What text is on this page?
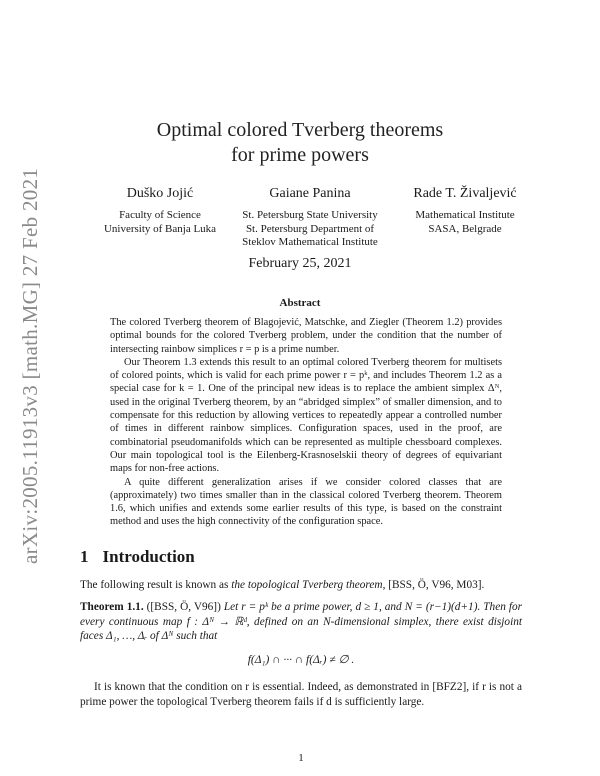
arXiv:2005.11913v3 [math.MG] 27 Feb 2021
Optimal colored Tverberg theorems
for prime powers
Duško Jojić
Faculty of Science
University of Banja Luka
Gaiane Panina
St. Petersburg State University
St. Petersburg Department of
Steklov Mathematical Institute
Rade T. Živaljević
Mathematical Institute
SASA, Belgrade
February 25, 2021
Abstract

The colored Tverberg theorem of Blagojević, Matschke, and Ziegler (Theorem 1.2) provides optimal bounds for the colored Tverberg problem, under the condition that the number of intersecting rainbow simplices r = p is a prime number.

Our Theorem 1.3 extends this result to an optimal colored Tverberg theorem for multisets of colored points, which is valid for each prime power r = pᵏ, and includes Theorem 1.2 as a special case for k = 1. One of the principal new ideas is to replace the ambient simplex Δᴺ, used in the original Tverberg theorem, by an “abridged simplex” of smaller dimension, and to compensate for this reduction by allowing vertices to repeatedly appear a controlled number of times in different rainbow simplices. Configuration spaces, used in the proof, are combinatorial pseudomanifolds which can be represented as multiple chessboard complexes. Our main topological tool is the Eilenberg-Krasnoselskii theory of degrees of equivariant maps for non-free actions.

A quite different generalization arises if we consider colored classes that are (approximately) two times smaller than in the classical colored Tverberg theorem. Theorem 1.6, which unifies and extends some earlier results of this type, is based on the constraint method and uses the high connectivity of the configuration space.

1 Introduction
The following result is known as the topological Tverberg theorem, [BSS, Ö, V96, M03].
Theorem 1.1. ([BSS, Ö, V96]) Let r = pᵏ be a prime power, d ≥ 1, and N = (r−1)(d+1). Then for every continuous map f : Δᴺ → ℝᵈ, defined on an N-dimensional simplex, there exist disjoint faces Δ₁, …, Δᵣ of Δᴺ such that
f(Δ₁) ∩ ··· ∩ f(Δᵣ) ≠ ∅ .
It is known that the condition on r is essential. Indeed, as demonstrated in [BFZ2], if r is not a prime power the topological Tverberg theorem fails if d is sufficiently large.
1
